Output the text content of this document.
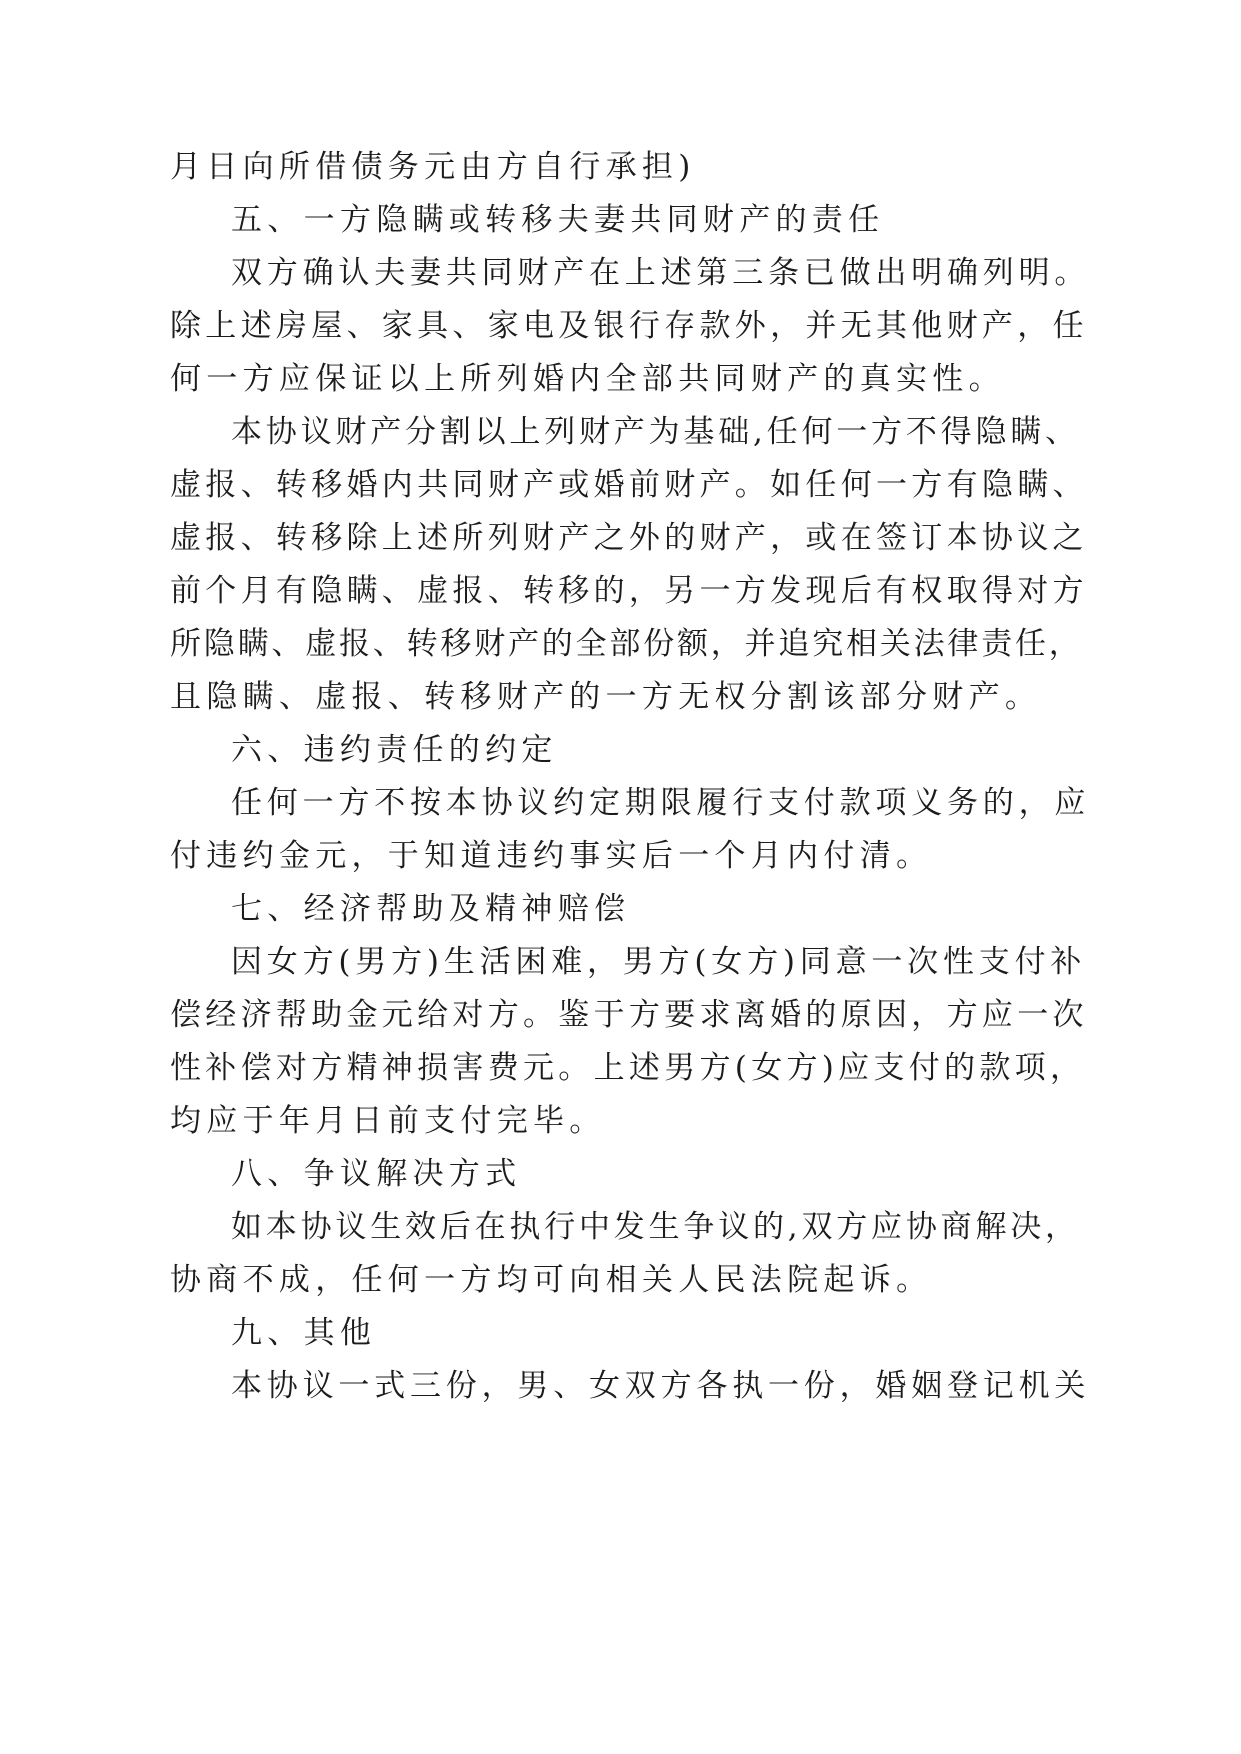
月日向所借债务元由方自行承担)
五、一方隐瞒或转移夫妻共同财产的责任
双方确认夫妻共同财产在上述第三条已做出明确列明。
除上述房屋、家具、家电及银行存款外，并无其他财产，任
何一方应保证以上所列婚内全部共同财产的真实性。
本协议财产分割以上列财产为基础,任何一方不得隐瞒、
虚报、转移婚内共同财产或婚前财产。如任何一方有隐瞒、
虚报、转移除上述所列财产之外的财产，或在签订本协议之
前个月有隐瞒、虚报、转移的，另一方发现后有权取得对方
所隐瞒、虚报、转移财产的全部份额，并追究相关法律责任，
且隐瞒、虚报、转移财产的一方无权分割该部分财产。
六、违约责任的约定
任何一方不按本协议约定期限履行支付款项义务的，应
付违约金元，于知道违约事实后一个月内付清。
七、经济帮助及精神赔偿
因女方(男方)生活困难，男方(女方)同意一次性支付补
偿经济帮助金元给对方。鉴于方要求离婚的原因，方应一次
性补偿对方精神损害费元。上述男方(女方)应支付的款项，
均应于年月日前支付完毕。
八、争议解决方式
如本协议生效后在执行中发生争议的,双方应协商解决，
协商不成，任何一方均可向相关人民法院起诉。
九、其他
本协议一式三份，男、女双方各执一份，婚姻登记机关
